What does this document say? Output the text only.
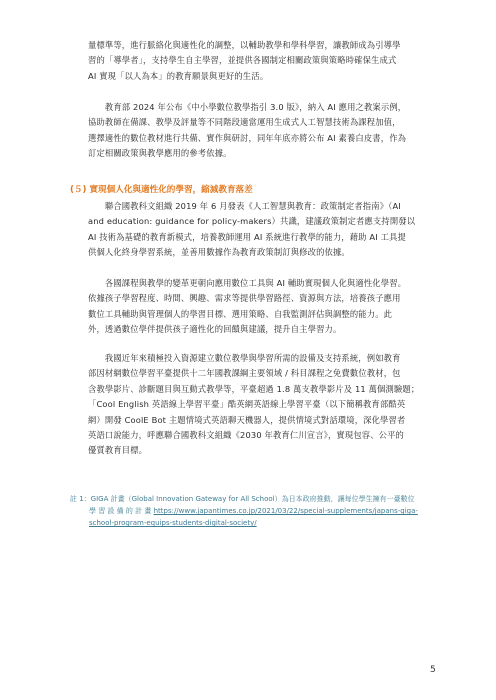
量標準等，進行脈絡化與適性化的調整，以輔助教學和學科學習，讓教師成為引導學
習的「導學者」，支持學生自主學習，並提供各國制定相關政策與策略時確保生成式
AI 實現「以人為本」的教育願景與更好的生活。
　　教育部 2024 年公布《中小學數位教學指引 3.0 版》，納入 AI 應用之教案示例，
協助教師在備課、教學及評量等不同階段適當運用生成式人工智慧技術為課程加值，
選擇適性的數位教材進行共備、實作與研討，同年年底亦將公布 AI 素養白皮書，作為
訂定相關政策與教學應用的參考依據。
(５) 實現個人化與適性化的學習，縮減教育落差
　　聯合國教科文組織 2019 年 6 月發表《人工智慧與教育：政策制定者指南》（AI
and education: guidance for policy-makers）共識，建議政策制定者應支持開發以
AI 技術為基礎的教育新模式，培養教師運用 AI 系統進行教學的能力，藉助 AI 工具提
供個人化終身學習系統，並善用數據作為教育政策制訂與修改的依據。
　　各國課程與教學的變革更朝向應用數位工具與 AI 輔助實現個人化與適性化學習。
依據孩子學習程度、時間、興趣、需求等提供學習路徑、資源與方法，培養孩子應用
數位工具輔助與管理個人的學習目標、選用策略、自我監測評估與調整的能力。此
外，透過數位學伴提供孩子適性化的回饋與建議，提升自主學習力。
　　我國近年來積極投入資源建立數位教學與學習所需的設備及支持系統，例如教育
部因材網數位學習平臺提供十二年國教課綱主要領域 / 科目課程之免費數位教材，包
含教學影片、診斷題目與互動式教學等，平臺超過 1.8 萬支教學影片及 11 萬個測驗題；
「Cool English 英語線上學習平臺」酷英網英語線上學習平臺（以下簡稱教育部酷英
網）開發 CoolE Bot 主題情境式英語聊天機器人，提供情境式對話環境，深化學習者
英語口說能力，呼應聯合國教科文組織《2030 年教育仁川宣言》，實現包容、公平的
優質教育目標。
註 1：GIGA 計畫（Global Innovation Gateway for All School）為日本政府推動，讓每位學生擁有一臺數位
學 習 設 備 的 計 畫 https://www.japantimes.co.jp/2021/03/22/special-supplements/japans-giga-
school-program-equips-students-digital-society/
5
